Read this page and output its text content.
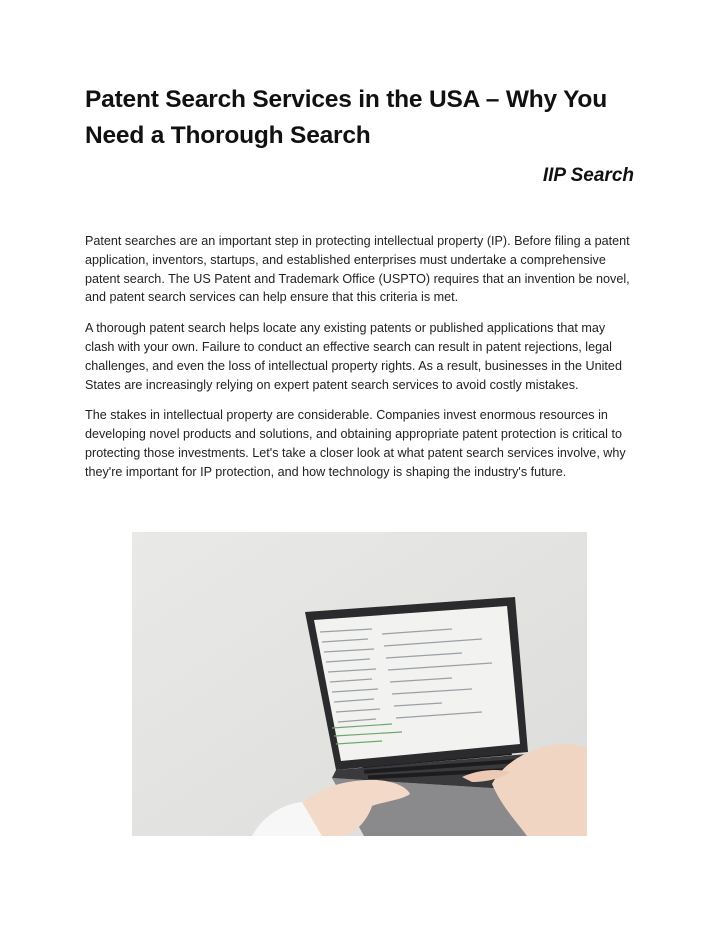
Patent Search Services in the USA – Why You
Need a Thorough Search
IIP Search

Patent searches are an important step in protecting intellectual property (IP). Before filing a patent application, inventors, startups, and established enterprises must undertake a comprehensive patent search. The US Patent and Trademark Office (USPTO) requires that an invention be novel, and patent search services can help ensure that this criteria is met.

A thorough patent search helps locate any existing patents or published applications that may clash with your own. Failure to conduct an effective search can result in patent rejections, legal challenges, and even the loss of intellectual property rights. As a result, businesses in the United States are increasingly relying on expert patent search services to avoid costly mistakes.

The stakes in intellectual property are considerable. Companies invest enormous resources in developing novel products and solutions, and obtaining appropriate patent protection is critical to protecting those investments. Let's take a closer look at what patent search services involve, why they're important for IP protection, and how technology is shaping the industry's future.
